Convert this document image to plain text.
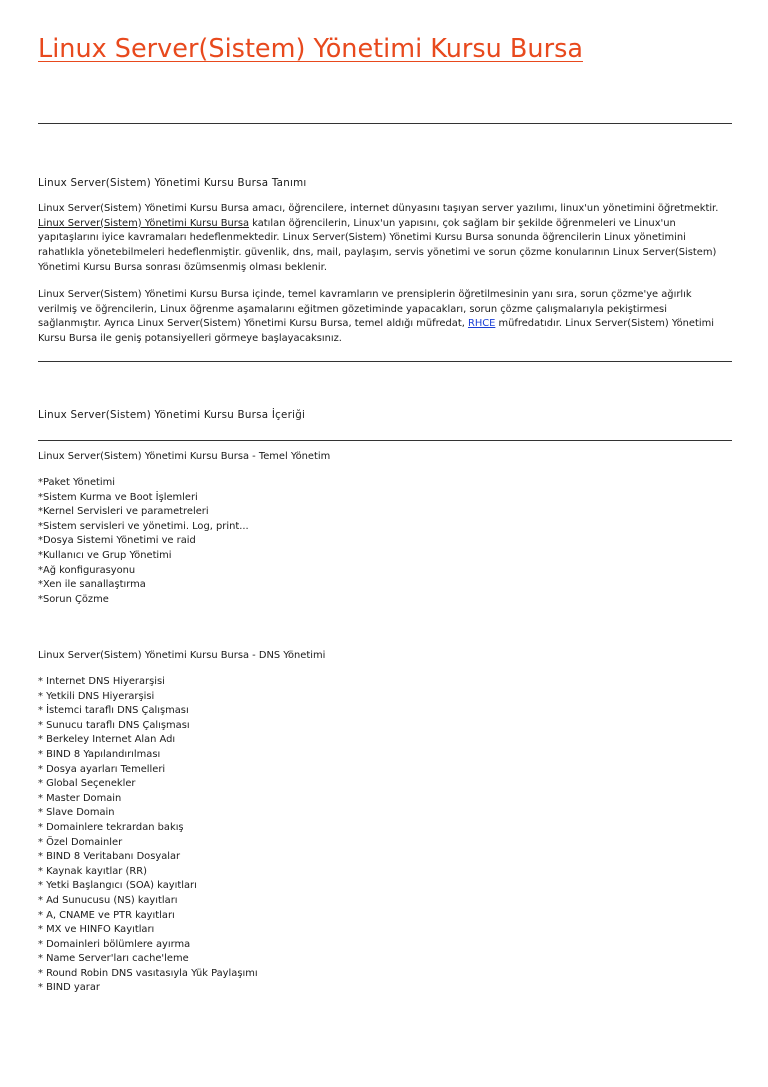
Linux Server(Sistem) Yönetimi Kursu Bursa
Linux Server(Sistem) Yönetimi Kursu Bursa Tanımı
Linux Server(Sistem) Yönetimi Kursu Bursa amacı, öğrencilere, internet dünyasını taşıyan server yazılımı, linux'un yönetimini öğretmektir. Linux Server(Sistem) Yönetimi Kursu Bursa katılan öğrencilerin, Linux'un yapısını, çok sağlam bir şekilde öğrenmeleri ve Linux'un yapıtaşlarını iyice kavramaları hedeflenmektedir. Linux Server(Sistem) Yönetimi Kursu Bursa sonunda öğrencilerin Linux yönetimini rahatlıkla yönetebilmeleri hedeflenmiştir. güvenlik, dns, mail, paylaşım, servis yönetimi ve sorun çözme konularının Linux Server(Sistem) Yönetimi Kursu Bursa sonrası özümsenmiş olması beklenir.
Linux Server(Sistem) Yönetimi Kursu Bursa içinde, temel kavramların ve prensiplerin öğretilmesinin yanı sıra, sorun çözme'ye ağırlık verilmiş ve öğrencilerin, Linux öğrenme aşamalarını eğitmen gözetiminde yapacakları, sorun çözme çalışmalarıyla pekiştirmesi sağlanmıştır. Ayrıca Linux Server(Sistem) Yönetimi Kursu Bursa, temel aldığı müfredat, RHCE müfredatıdır. Linux Server(Sistem) Yönetimi Kursu Bursa ile geniş potansiyelleri görmeye başlayacaksınız.
Linux Server(Sistem) Yönetimi Kursu Bursa İçeriği
Linux Server(Sistem) Yönetimi Kursu Bursa - Temel Yönetim
*Paket Yönetimi
*Sistem Kurma ve Boot İşlemleri
*Kernel Servisleri ve parametreleri
*Sistem servisleri ve yönetimi. Log, print...
*Dosya Sistemi Yönetimi ve raid
*Kullanıcı ve Grup Yönetimi
*Ağ konfigurasyonu
*Xen ile sanallaştırma
*Sorun Çözme
Linux Server(Sistem) Yönetimi Kursu Bursa - DNS Yönetimi
* Internet DNS Hiyerarşisi
* Yetkili DNS Hiyerarşisi
* İstemci taraflı DNS Çalışması
* Sunucu taraflı DNS Çalışması
* Berkeley Internet Alan Adı
* BIND 8 Yapılandırılması
* Dosya ayarları Temelleri
* Global Seçenekler
* Master Domain
* Slave Domain
* Domainlere tekrardan bakış
* Özel Domainler
* BIND 8 Veritabanı Dosyalar
* Kaynak kayıtlar (RR)
* Yetki Başlangıcı (SOA) kayıtları
* Ad Sunucusu (NS) kayıtları
* A, CNAME ve PTR kayıtları
* MX ve HINFO Kayıtları
* Domainleri bölümlere ayırma
* Name Server'ları cache'leme
* Round Robin DNS vasıtasıyla Yük Paylaşımı
* BIND yarar
